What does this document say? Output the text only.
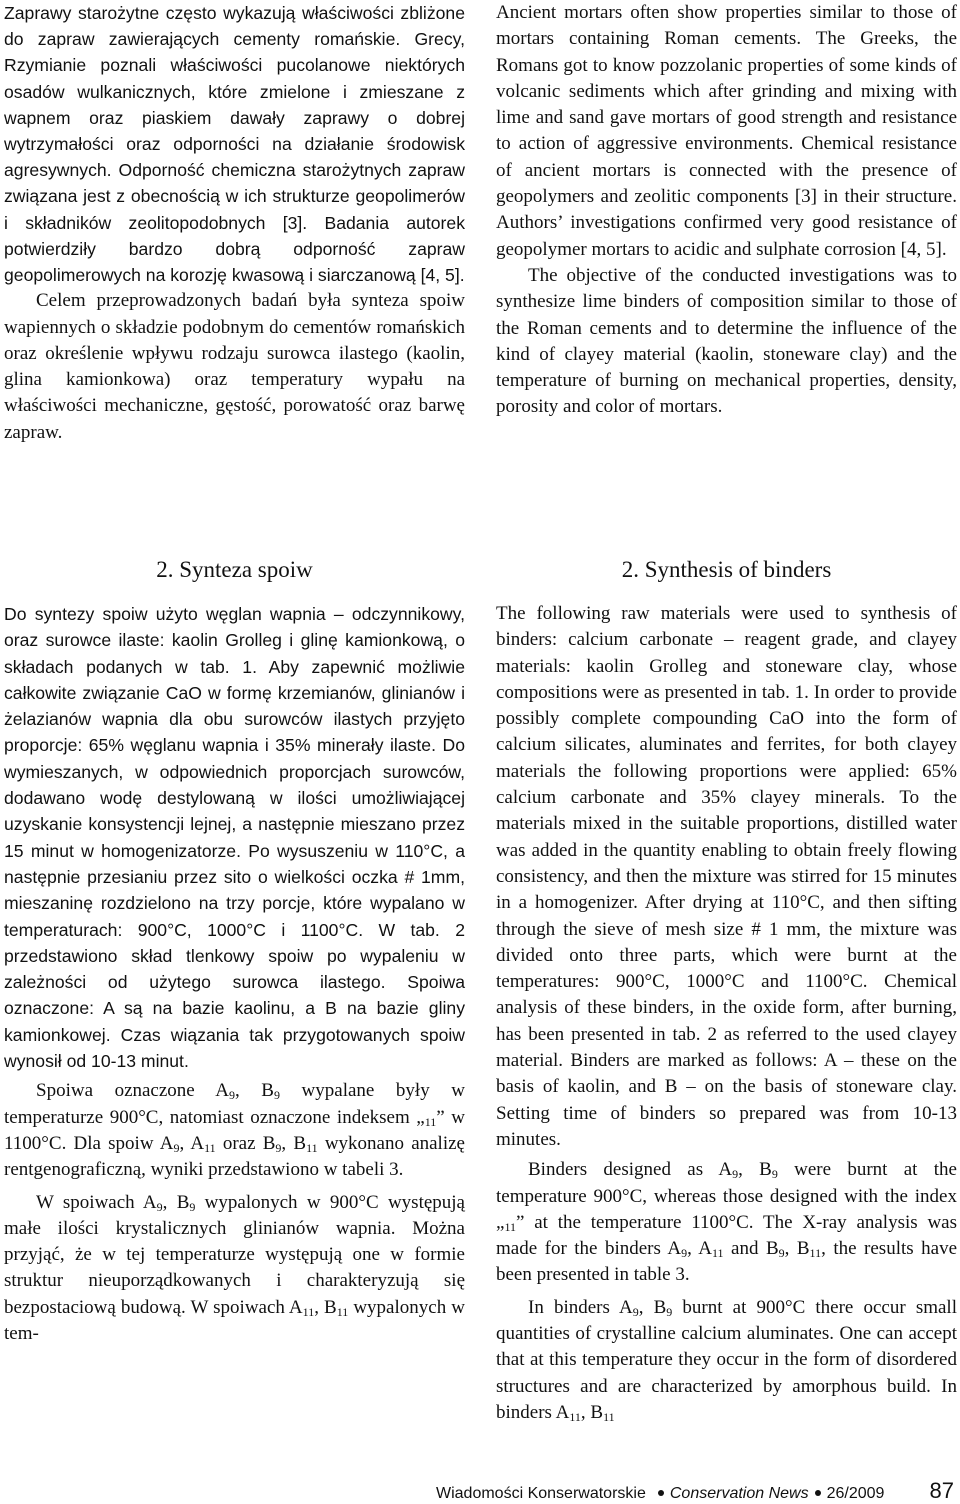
Zaprawy starożytne często wykazują właściwości zbliżone do zapraw zawierających cementy romańskie. Grecy, Rzymianie poznali właściwości pucolanowe niektórych osadów wulkanicznych, które zmielone i zmieszane z wapnem oraz piaskiem dawały zaprawy o dobrej wytrzymałości oraz odporności na działanie środowisk agresywnych. Odporność chemiczna starożytnych zapraw związana jest z obecnością w ich strukturze geopolimerów i składników zeolitopodobnych [3]. Badania autorek potwierdziły bardzo dobrą odporność zapraw geopolimerowych na korozję kwasową i siarczanową [4, 5].

Celem przeprowadzonych badań była synteza spoiw wapiennych o składzie podobnym do cementów romańskich oraz określenie wpływu rodzaju surowca ilastego (kaolin, glina kamionkowa) oraz temperatury wypału na właściwości mechaniczne, gęstość, porowatość oraz barwę zapraw.

2. Synteza spoiw

Do syntezy spoiw użyto węglan wapnia – odczynnikowy, oraz surowce ilaste: kaolin Grolleg i glinę kamionkową, o składach podanych w tab. 1. Aby zapewnić możliwie całkowite związanie CaO w formę krzemianów, glinianów i żelazianów wapnia dla obu surowców ilastych przyjęto proporcje: 65% węglanu wapnia i 35% minerały ilaste. Do wymieszanych, w odpowiednich proporcjach surowców, dodawano wodę destylowaną w ilości umożliwiającej uzyskanie konsystencji lejnej, a następnie mieszano przez 15 minut w homogenizatorze. Po wysuszeniu w 110°C, a następnie przesianiu przez sito o wielkości oczka # 1mm, mieszaninę rozdzielono na trzy porcje, które wypalano w temperaturach: 900°C, 1000°C i 1100°C. W tab. 2 przedstawiono skład tlenkowy spoiw po wypaleniu w zależności od użytego surowca ilastego. Spoiwa oznaczone: A są na bazie kaolinu, a B na bazie gliny kamionkowej. Czas wiązania tak przygotowanych spoiw wynosił od 10-13 minut.

Spoiwa oznaczone $A_9$, $B_9$ wypalane były w temperaturze 900°C, natomiast oznaczone indeksem $„_{11}$” w 1100°C. Dla spoiw $A_9$, $A_{11}$ oraz $B_9$, $B_{11}$ wykonano analizę rentgenograficzną, wyniki przedstawiono w tabeli 3.

W spoiwach $A_9$, $B_9$ wypalonych w 900°C występują małe ilości krystalicznych glinianów wapnia. Można przyjąć, że w tej temperaturze występują one w formie struktur nieuporządkowanych i charakteryzują się bezpostaciową budową. W spoiwach $A_{11}$, $B_{11}$ wypalonych w tem-

Ancient mortars often show properties similar to those of mortars containing Roman cements. The Greeks, the Romans got to know pozzolanic properties of some kinds of volcanic sediments which after grinding and mixing with lime and sand gave mortars of good strength and resistance to action of aggressive environments. Chemical resistance of ancient mortars is connected with the presence of geopolymers and zeolitic components [3] in their structure. Authors’ investigations confirmed very good resistance of geopolymer mortars to acidic and sulphate corrosion [4, 5].

The objective of the conducted investigations was to synthesize lime binders of composition similar to those of the Roman cements and to determine the influence of the kind of clayey material (kaolin, stoneware clay) and the temperature of burning on mechanical properties, density, porosity and color of mortars.

2. Synthesis of binders

The following raw materials were used to synthesis of binders: calcium carbonate – reagent grade, and clayey materials: kaolin Grolleg and stoneware clay, whose compositions were as presented in tab. 1. In order to provide possibly complete compounding CaO into the form of calcium silicates, aluminates and ferrites, for both clayey materials the following proportions were applied: 65% calcium carbonate and 35% clayey minerals. To the materials mixed in the suitable proportions, distilled water was added in the quantity enabling to obtain freely flowing consistency, and then the mixture was stirred for 15 minutes in a homogenizer. After drying at 110°C, and then sifting through the sieve of mesh size # 1 mm, the mixture was divided onto three parts, which were burnt at the temperatures: 900°C, 1000°C and 1100°C. Chemical analysis of these binders, in the oxide form, after burning, has been presented in tab. 2 as referred to the used clayey material. Binders are marked as follows: A – these on the basis of kaolin, and B – on the basis of stoneware clay. Setting time of binders so prepared was from 10-13 minutes.

Binders designed as $A_9$, $B_9$ were burnt at the temperature 900°C, whereas those designed with the index $„_{11}$” at the temperature 1100°C. The X-ray analysis was made for the binders $A_9$, $A_{11}$ and $B_9$, $B_{11}$, the results have been presented in table 3.

In binders $A_9$, $B_9$ burnt at 900°C there occur small quantities of crystalline calcium aluminates. One can accept that at this temperature they occur in the form of disordered structures and are characterized by amorphous build. In binders $A_{11}$, $B_{11}$

Wiadomości Konserwatorskie Conservation News 26/2009 87
